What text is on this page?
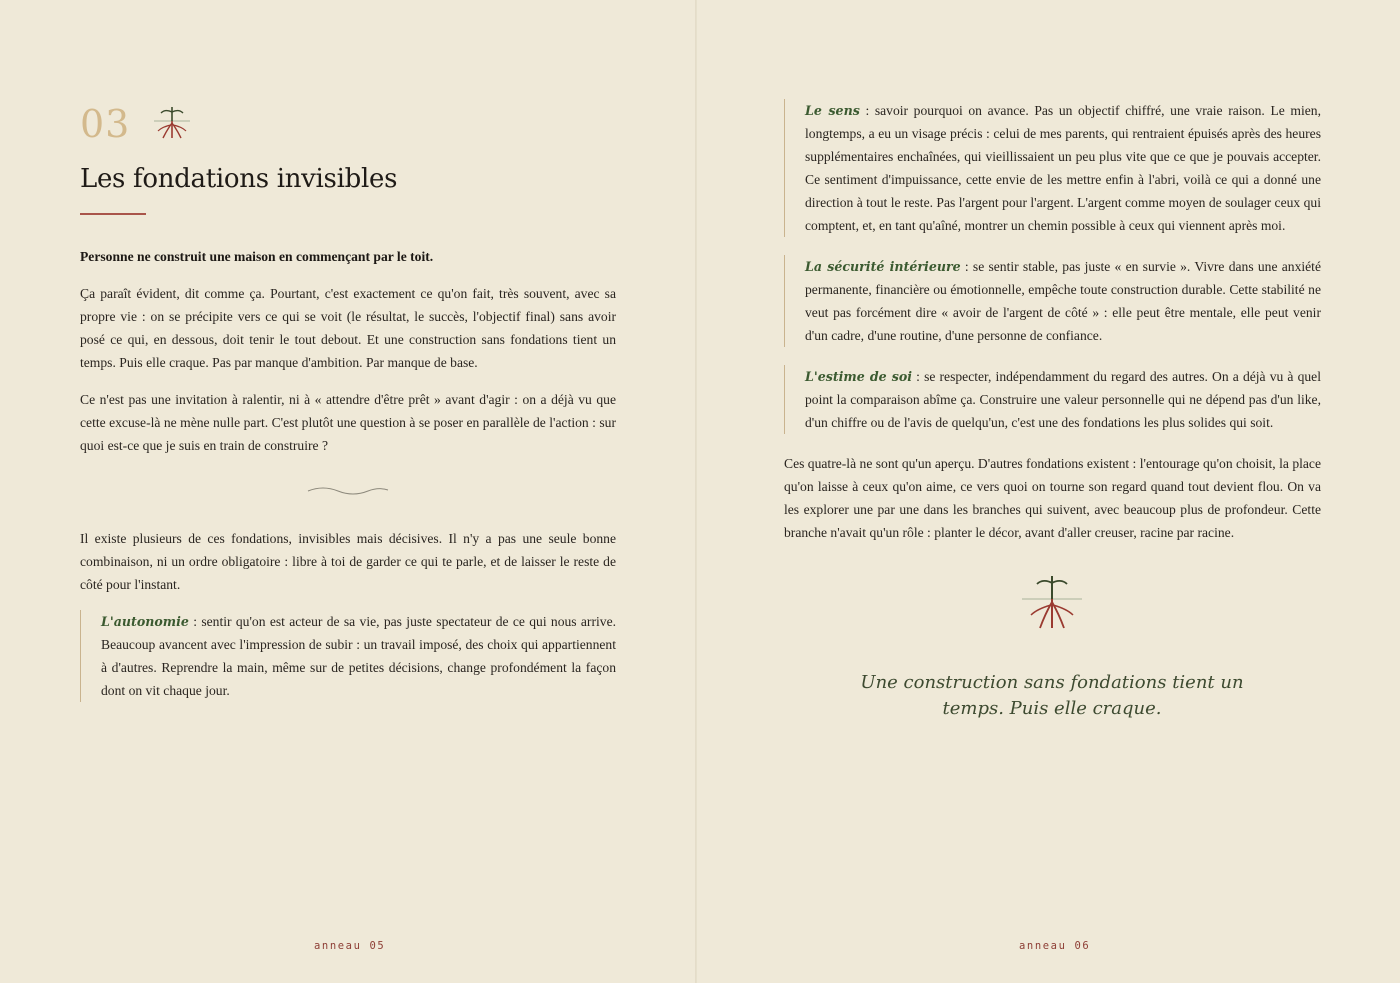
03
Les fondations invisibles

Personne ne construit une maison en commençant par le toit.

Ça paraît évident, dit comme ça. Pourtant, c'est exactement ce qu'on fait, très souvent, avec sa propre vie : on se précipite vers ce qui se voit (le résultat, le succès, l'objectif final) sans avoir posé ce qui, en dessous, doit tenir le tout debout. Et une construction sans fondations tient un temps. Puis elle craque. Pas par manque d'ambition. Par manque de base.

Ce n'est pas une invitation à ralentir, ni à « attendre d'être prêt » avant d'agir : on a déjà vu que cette excuse-là ne mène nulle part. C'est plutôt une question à se poser en parallèle de l'action : sur quoi est-ce que je suis en train de construire ?

Il existe plusieurs de ces fondations, invisibles mais décisives. Il n'y a pas une seule bonne combinaison, ni un ordre obligatoire : libre à toi de garder ce qui te parle, et de laisser le reste de côté pour l'instant.

L'autonomie : sentir qu'on est acteur de sa vie, pas juste spectateur de ce qui nous arrive. Beaucoup avancent avec l'impression de subir : un travail imposé, des choix qui appartiennent à d'autres. Reprendre la main, même sur de petites décisions, change profondément la façon dont on vit chaque jour.

anneau 05

Le sens : savoir pourquoi on avance. Pas un objectif chiffré, une vraie raison. Le mien, longtemps, a eu un visage précis : celui de mes parents, qui rentraient épuisés après des heures supplémentaires enchaînées, qui vieillissaient un peu plus vite que ce que je pouvais accepter. Ce sentiment d'impuissance, cette envie de les mettre enfin à l'abri, voilà ce qui a donné une direction à tout le reste. Pas l'argent pour l'argent. L'argent comme moyen de soulager ceux qui comptent, et, en tant qu'aîné, montrer un chemin possible à ceux qui viennent après moi.

La sécurité intérieure : se sentir stable, pas juste « en survie ». Vivre dans une anxiété permanente, financière ou émotionnelle, empêche toute construction durable. Cette stabilité ne veut pas forcément dire « avoir de l'argent de côté » : elle peut être mentale, elle peut venir d'un cadre, d'une routine, d'une personne de confiance.

L'estime de soi : se respecter, indépendamment du regard des autres. On a déjà vu à quel point la comparaison abîme ça. Construire une valeur personnelle qui ne dépend pas d'un like, d'un chiffre ou de l'avis de quelqu'un, c'est une des fondations les plus solides qui soit.

Ces quatre-là ne sont qu'un aperçu. D'autres fondations existent : l'entourage qu'on choisit, la place qu'on laisse à ceux qu'on aime, ce vers quoi on tourne son regard quand tout devient flou. On va les explorer une par une dans les branches qui suivent, avec beaucoup plus de profondeur. Cette branche n'avait qu'un rôle : planter le décor, avant d'aller creuser, racine par racine.

Une construction sans fondations tient un temps. Puis elle craque.
anneau 06
